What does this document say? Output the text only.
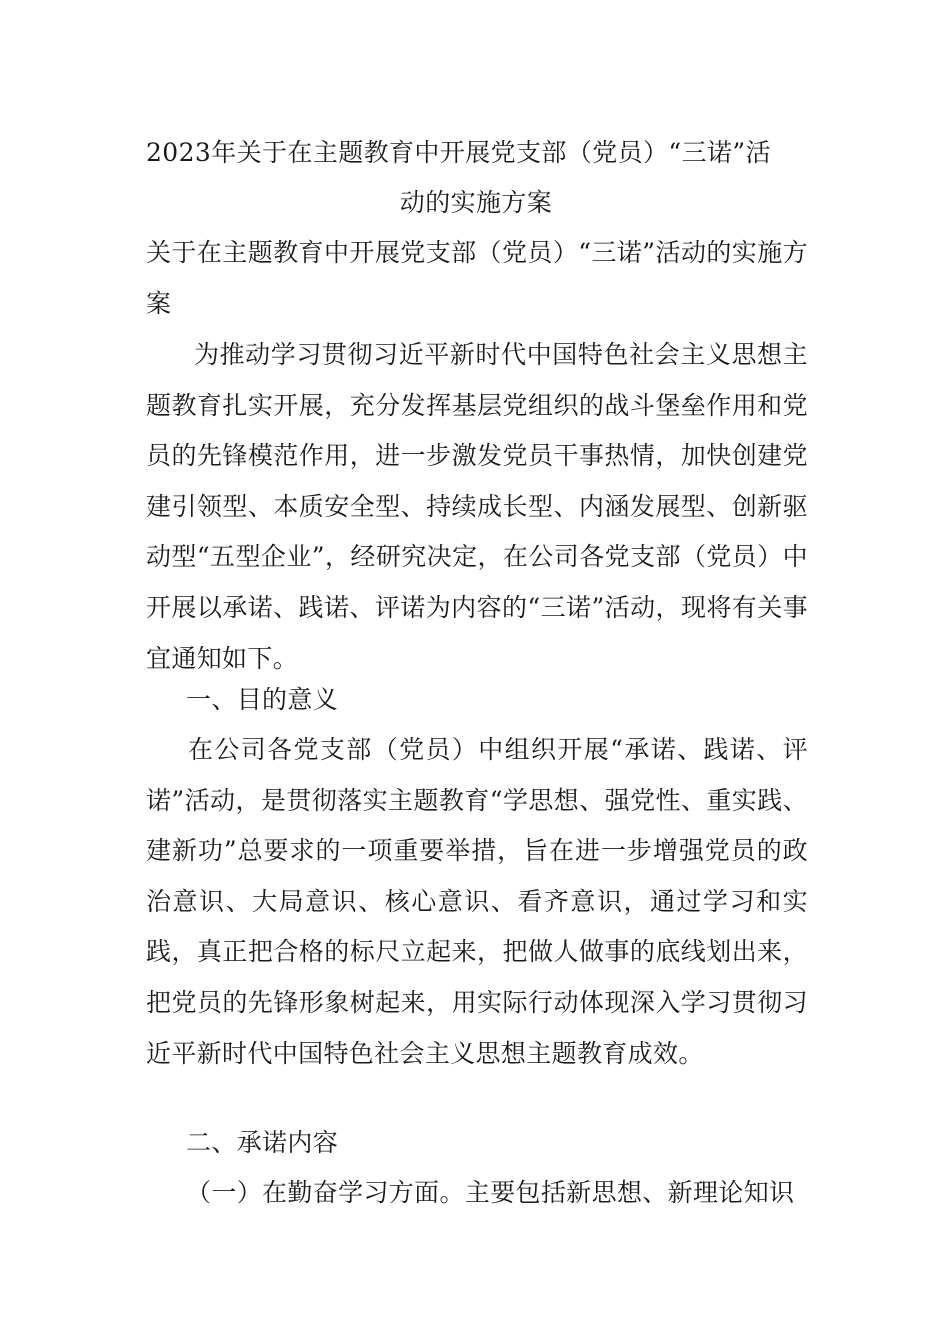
2023年关于在主题教育中开展党支部（党员）“三诺”活
动的实施方案

关于在主题教育中开展党支部（党员）“三诺”活动的实施方案

为推动学习贯彻习近平新时代中国特色社会主义思想主题教育扎实开展，充分发挥基层党组织的战斗堡垒作用和党员的先锋模范作用，进一步激发党员干事热情，加快创建党建引领型、本质安全型、持续成长型、内涵发展型、创新驱动型“五型企业”，经研究决定，在公司各党支部（党员）中开展以承诺、践诺、评诺为内容的“三诺”活动，现将有关事宜通知如下。

一、目的意义

在公司各党支部（党员）中组织开展“承诺、践诺、评诺”活动，是贯彻落实主题教育“学思想、强党性、重实践、建新功”总要求的一项重要举措，旨在进一步增强党员的政治意识、大局意识、核心意识、看齐意识，通过学习和实践，真正把合格的标尺立起来，把做人做事的底线划出来，把党员的先锋形象树起来，用实际行动体现深入学习贯彻习近平新时代中国特色社会主义思想主题教育成效。

二、承诺内容

（一）在勤奋学习方面。主要包括新思想、新理论知识
